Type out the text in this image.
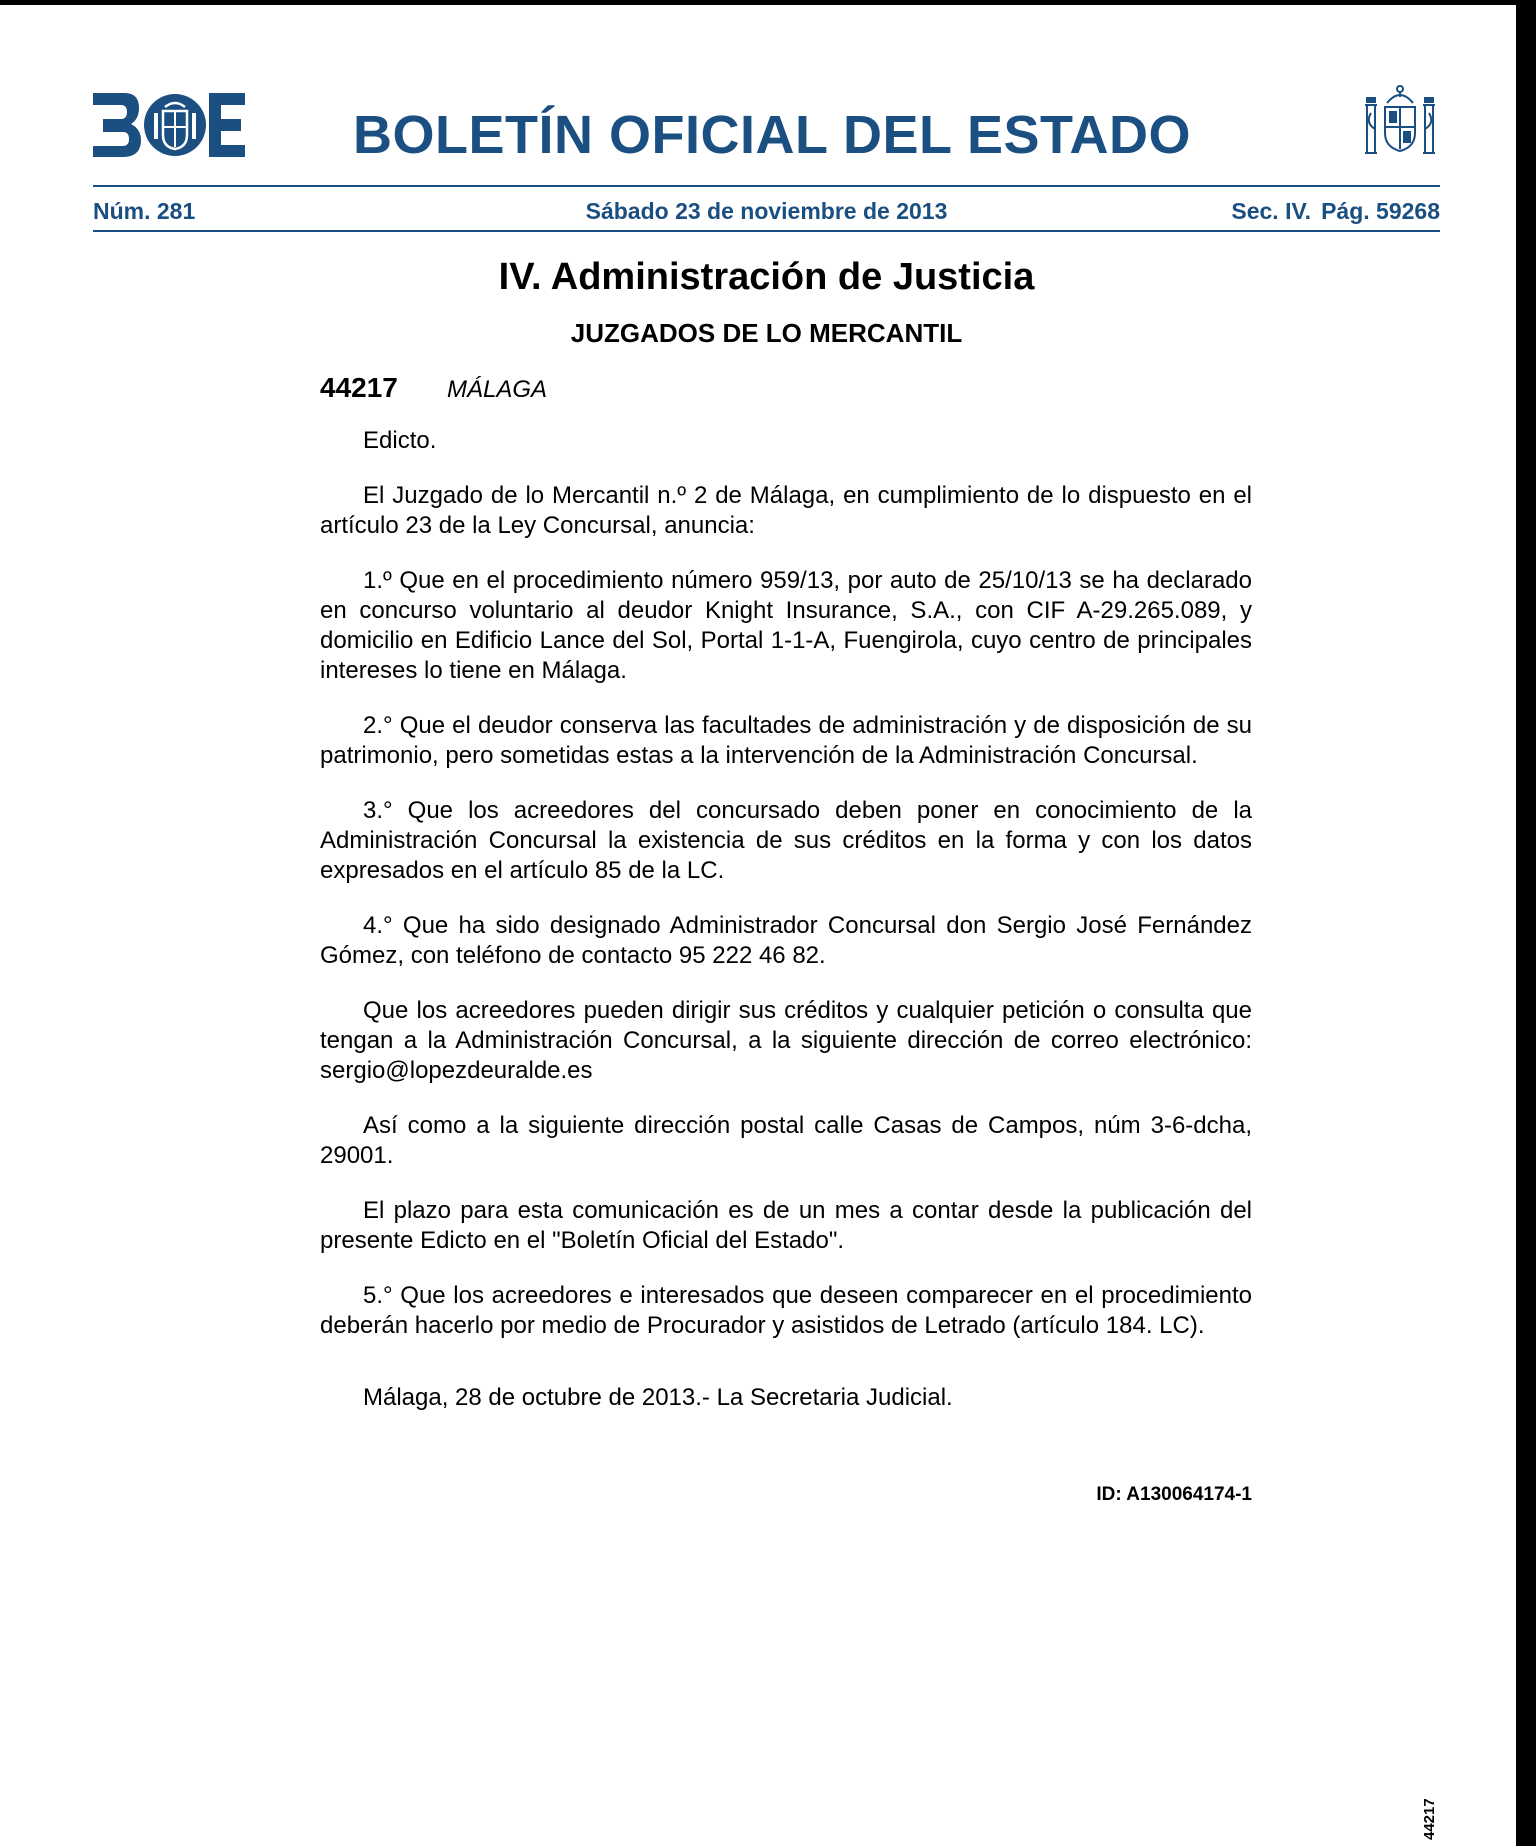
BOLETÍN OFICIAL DEL ESTADO
Núm. 281	Sábado 23 de noviembre de 2013	Sec. IV. Pág. 59268
IV. Administración de Justicia
JUZGADOS DE LO MERCANTIL
44217 MÁLAGA

Edicto.

El Juzgado de lo Mercantil n.º 2 de Málaga, en cumplimiento de lo dispuesto en el artículo 23 de la Ley Concursal, anuncia:

1.º Que en el procedimiento número 959/13, por auto de 25/10/13 se ha declarado en concurso voluntario al deudor Knight Insurance, S.A., con CIF A-29.265.089, y domicilio en Edificio Lance del Sol, Portal 1-1-A, Fuengirola, cuyo centro de principales intereses lo tiene en Málaga.

2.° Que el deudor conserva las facultades de administración y de disposición de su patrimonio, pero sometidas estas a la intervención de la Administración Concursal.

3.° Que los acreedores del concursado deben poner en conocimiento de la Administración Concursal la existencia de sus créditos en la forma y con los datos expresados en el artículo 85 de la LC.

4.° Que ha sido designado Administrador Concursal don Sergio José Fernández Gómez, con teléfono de contacto 95 222 46 82.

Que los acreedores pueden dirigir sus créditos y cualquier petición o consulta que tengan a la Administración Concursal, a la siguiente dirección de correo electrónico: sergio@lopezdeuralde.es

Así como a la siguiente dirección postal calle Casas de Campos, núm 3-6-dcha, 29001.

El plazo para esta comunicación es de un mes a contar desde la publicación del presente Edicto en el "Boletín Oficial del Estado".

5.° Que los acreedores e interesados que deseen comparecer en el procedimiento deberán hacerlo por medio de Procurador y asistidos de Letrado (artículo 184. LC).

Málaga, 28 de octubre de 2013.- La Secretaria Judicial.

ID: A130064174-1
44217
